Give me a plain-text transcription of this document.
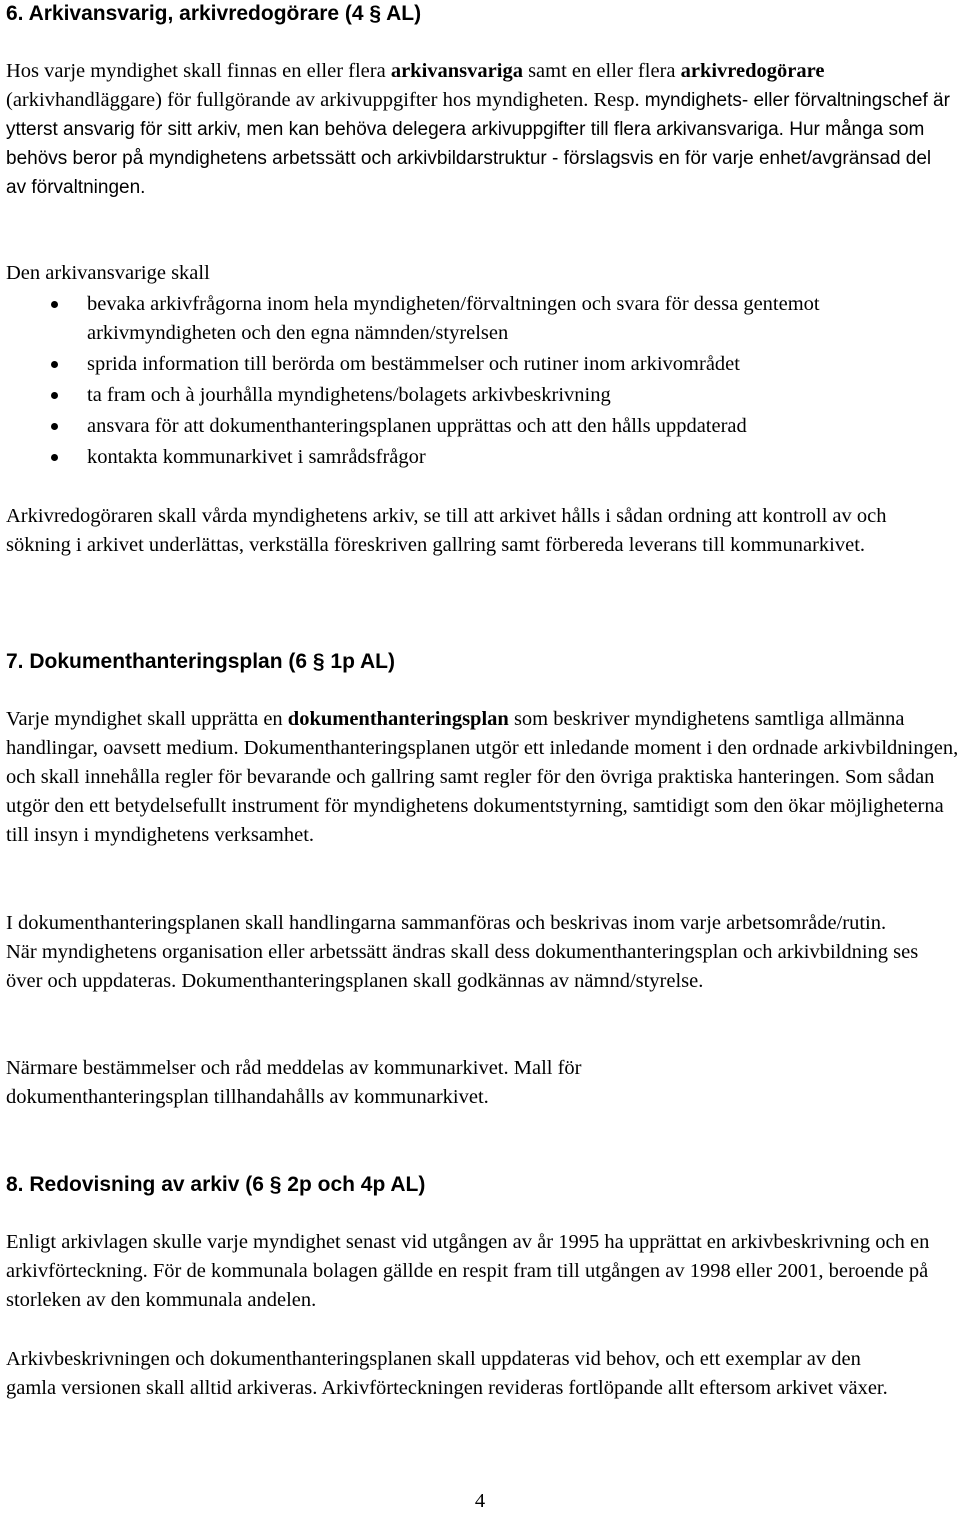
6. Arkivansvarig, arkivredogörare (4 § AL)

Hos varje myndighet skall finnas en eller flera arkivansvariga samt en eller flera arkivredogörare (arkivhandläggare) för fullgörande av arkivuppgifter hos myndigheten. Resp. myndighets- eller förvaltningschef är ytterst ansvarig för sitt arkiv, men kan behöva delegera arkivuppgifter till flera arkivansvariga. Hur många som behövs beror på myndighetens arbetssätt och arkivbildarstruktur - förslagsvis en för varje enhet/avgränsad del av förvaltningen.

Den arkivansvarige skall

bevaka arkivfrågorna inom hela myndigheten/förvaltningen och svara för dessa gentemot arkivmyndigheten och den egna nämnden/styrelsen
sprida information till berörda om bestämmelser och rutiner inom arkivområdet
ta fram och à jourhålla myndighetens/bolagets arkivbeskrivning
ansvara för att dokumenthanteringsplanen upprättas och att den hålls uppdaterad
kontakta kommunarkivet i samrådsfrågor

Arkivredogöraren skall vårda myndighetens arkiv, se till att arkivet hålls i sådan ordning att kontroll av och sökning i arkivet underlättas, verkställa föreskriven gallring samt förbereda leverans till kommunarkivet.

7. Dokumenthanteringsplan (6 § 1p AL)

Varje myndighet skall upprätta en dokumenthanteringsplan som beskriver myndighetens samtliga allmänna handlingar, oavsett medium. Dokumenthanteringsplanen utgör ett inledande moment i den ordnade arkivbildningen, och skall innehålla regler för bevarande och gallring samt regler för den övriga praktiska hanteringen. Som sådan utgör den ett betydelsefullt instrument för myndighetens dokumentstyrning, samtidigt som den ökar möjligheterna till insyn i myndighetens verksamhet.

I dokumenthanteringsplanen skall handlingarna sammanföras och beskrivas inom varje arbetsområde/rutin. När myndighetens organisation eller arbetssätt ändras skall dess dokumenthanteringsplan och arkivbildning ses över och uppdateras. Dokumenthanteringsplanen skall godkännas av nämnd/styrelse.

Närmare bestämmelser och råd meddelas av kommunarkivet. Mall för dokumenthanteringsplan tillhandahålls av kommunarkivet.

8. Redovisning av arkiv (6 § 2p och 4p AL)

Enligt arkivlagen skulle varje myndighet senast vid utgången av år 1995 ha upprättat en arkivbeskrivning och en arkivförteckning. För de kommunala bolagen gällde en respit fram till utgången av 1998 eller 2001, beroende på storleken av den kommunala andelen.

Arkivbeskrivningen och dokumenthanteringsplanen skall uppdateras vid behov, och ett exemplar av den gamla versionen skall alltid arkiveras. Arkivförteckningen revideras fortlöpande allt eftersom arkivet växer.

4
